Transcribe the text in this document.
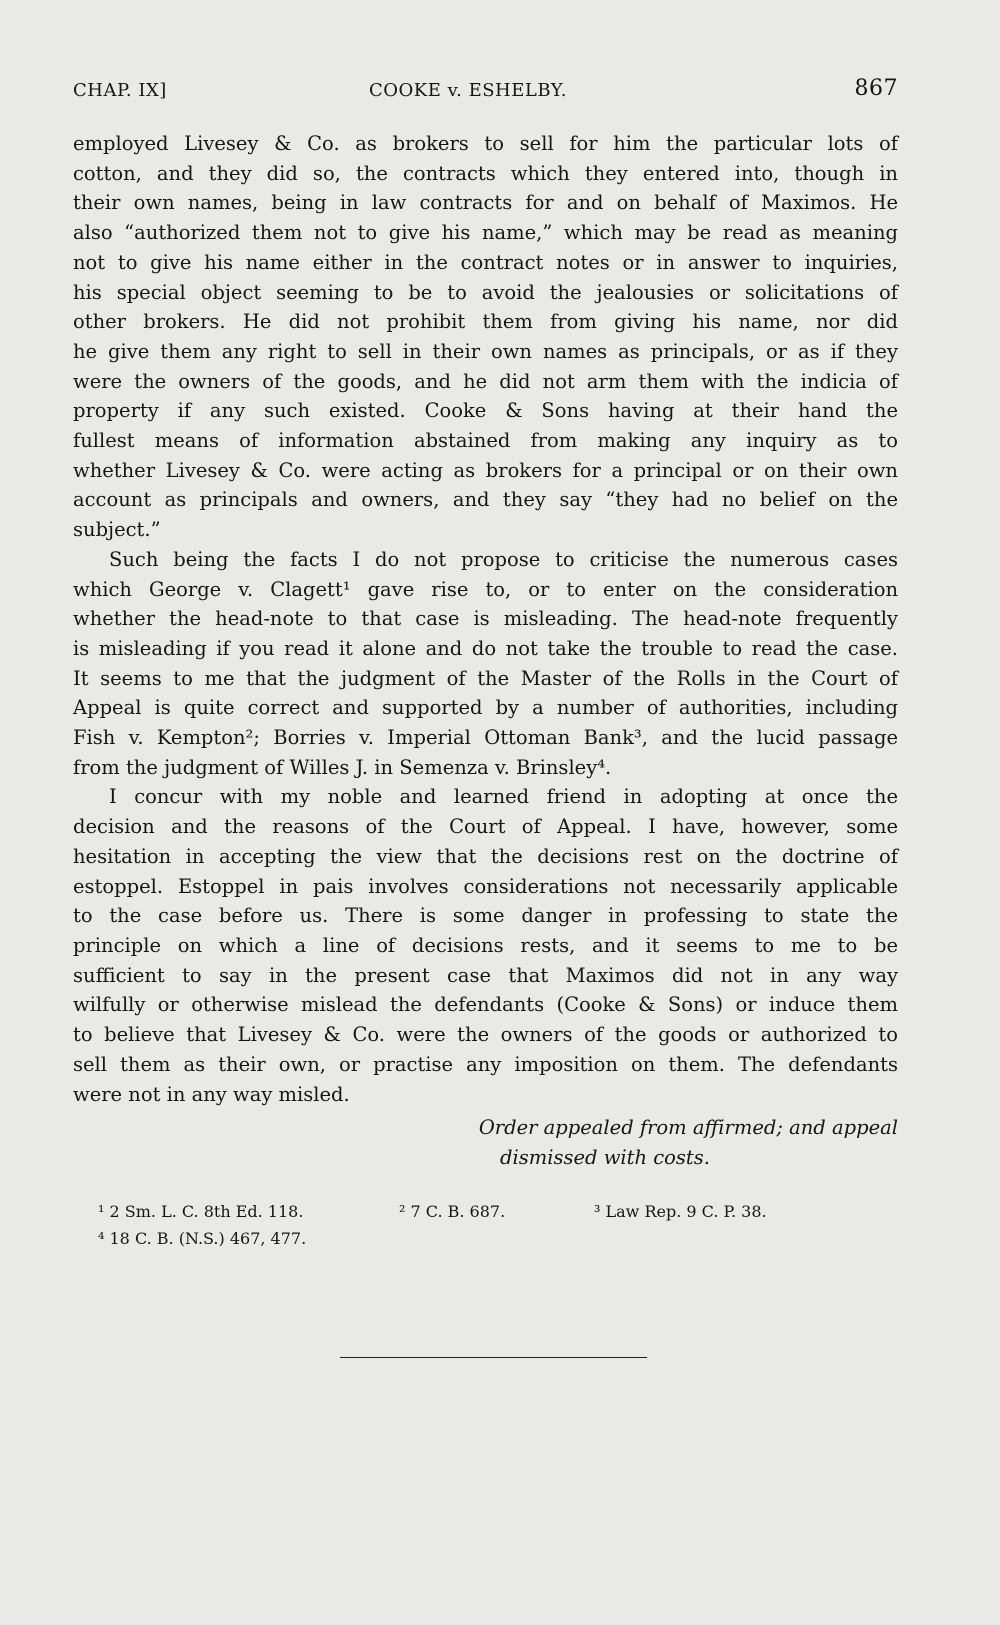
CHAP. IX]	COOKE v. ESHELBY.	867
employed Livesey & Co. as brokers to sell for him the particular lots of
cotton, and they did so, the contracts which they entered into, though in
their own names, being in law contracts for and on behalf of Maximos. He
also “authorized them not to give his name,” which may be read as meaning
not to give his name either in the contract notes or in answer to inquiries,
his special object seeming to be to avoid the jealousies or solicitations of
other brokers. He did not prohibit them from giving his name, nor did
he give them any right to sell in their own names as principals, or as if they
were the owners of the goods, and he did not arm them with the indicia of
property if any such existed. Cooke & Sons having at their hand the
fullest means of information abstained from making any inquiry as to
whether Livesey & Co. were acting as brokers for a principal or on their own
account as principals and owners, and they say “they had no belief on the
subject.”
Such being the facts I do not propose to criticise the numerous cases
which George v. Clagett¹ gave rise to, or to enter on the consideration
whether the head-note to that case is misleading. The head-note frequently
is misleading if you read it alone and do not take the trouble to read the case.
It seems to me that the judgment of the Master of the Rolls in the Court of
Appeal is quite correct and supported by a number of authorities, including
Fish v. Kempton²; Borries v. Imperial Ottoman Bank³, and the lucid passage
from the judgment of Willes J. in Semenza v. Brinsley⁴.
I concur with my noble and learned friend in adopting at once the
decision and the reasons of the Court of Appeal. I have, however, some
hesitation in accepting the view that the decisions rest on the doctrine of
estoppel. Estoppel in pais involves considerations not necessarily applicable
to the case before us. There is some danger in professing to state the
principle on which a line of decisions rests, and it seems to me to be
sufficient to say in the present case that Maximos did not in any way
wilfully or otherwise mislead the defendants (Cooke & Sons) or induce them
to believe that Livesey & Co. were the owners of the goods or authorized to
sell them as their own, or practise any imposition on them. The defendants
were not in any way misled.
Order appealed from affirmed; and appeal
dismissed with costs.
¹ 2 Sm. L. C. 8th Ed. 118.	² 7 C. B. 687.	³ Law Rep. 9 C. P. 38.
⁴ 18 C. B. (N.S.) 467, 477.
